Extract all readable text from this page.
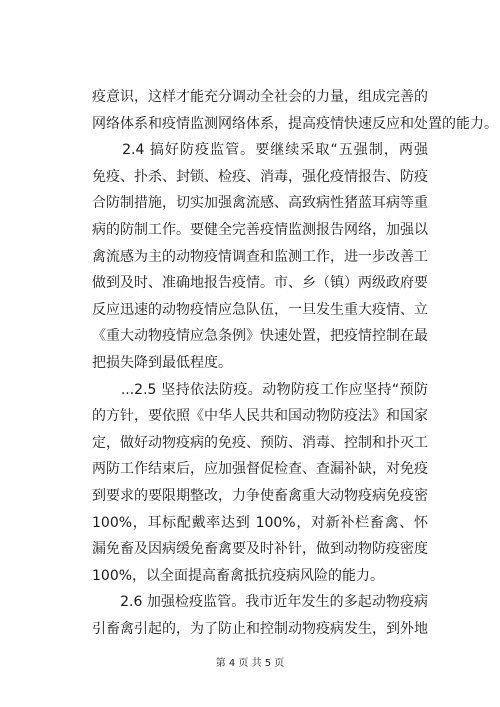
疫意识，这样才能充分调动全社会的力量，组成完善的
网络体系和疫情监测网络体系，提高疫情快速反应和处置的能力。
　　2.4 搞好防疫监管。要继续采取“五强制，两强
免疫、扑杀、封锁、检疫、消毒，强化疫情报告、防疫
合防制措施，切实加强禽流感、高致病性猪蓝耳病等重
病的防制工作。要健全完善疫情监测报告网络，加强以
禽流感为主的动物疫情调查和监测工作，进一步改善工
做到及时、准确地报告疫情。市、乡（镇）两级政府要
反应迅速的动物疫情应急队伍，一旦发生重大疫情、立
《重大动物疫情应急条例》快速处置，把疫情控制在最
把损失降到最低程度。
　　...2.5 坚持依法防疫。动物防疫工作应坚持“预防
的方针，要依照《中华人民共和国动物防疫法》和国家
定，做好动物疫病的免疫、预防、消毒、控制和扑灭工
两防工作结束后，应加强督促检查、查漏补缺，对免疫
到要求的要限期整改，力争使畜禽重大动物疫病免疫密
100%，耳标配戴率达到 100%，对新补栏畜禽、怀
漏免畜及因病缓免畜禽要及时补针，做到动物防疫密度
100%，以全面提高畜禽抵抗疫病风险的能力。
　　2.6 加强检疫监管。我市近年发生的多起动物疫病
引畜禽引起的，为了防止和控制动物疫病发生，到外地
第 4 页 共 5 页
